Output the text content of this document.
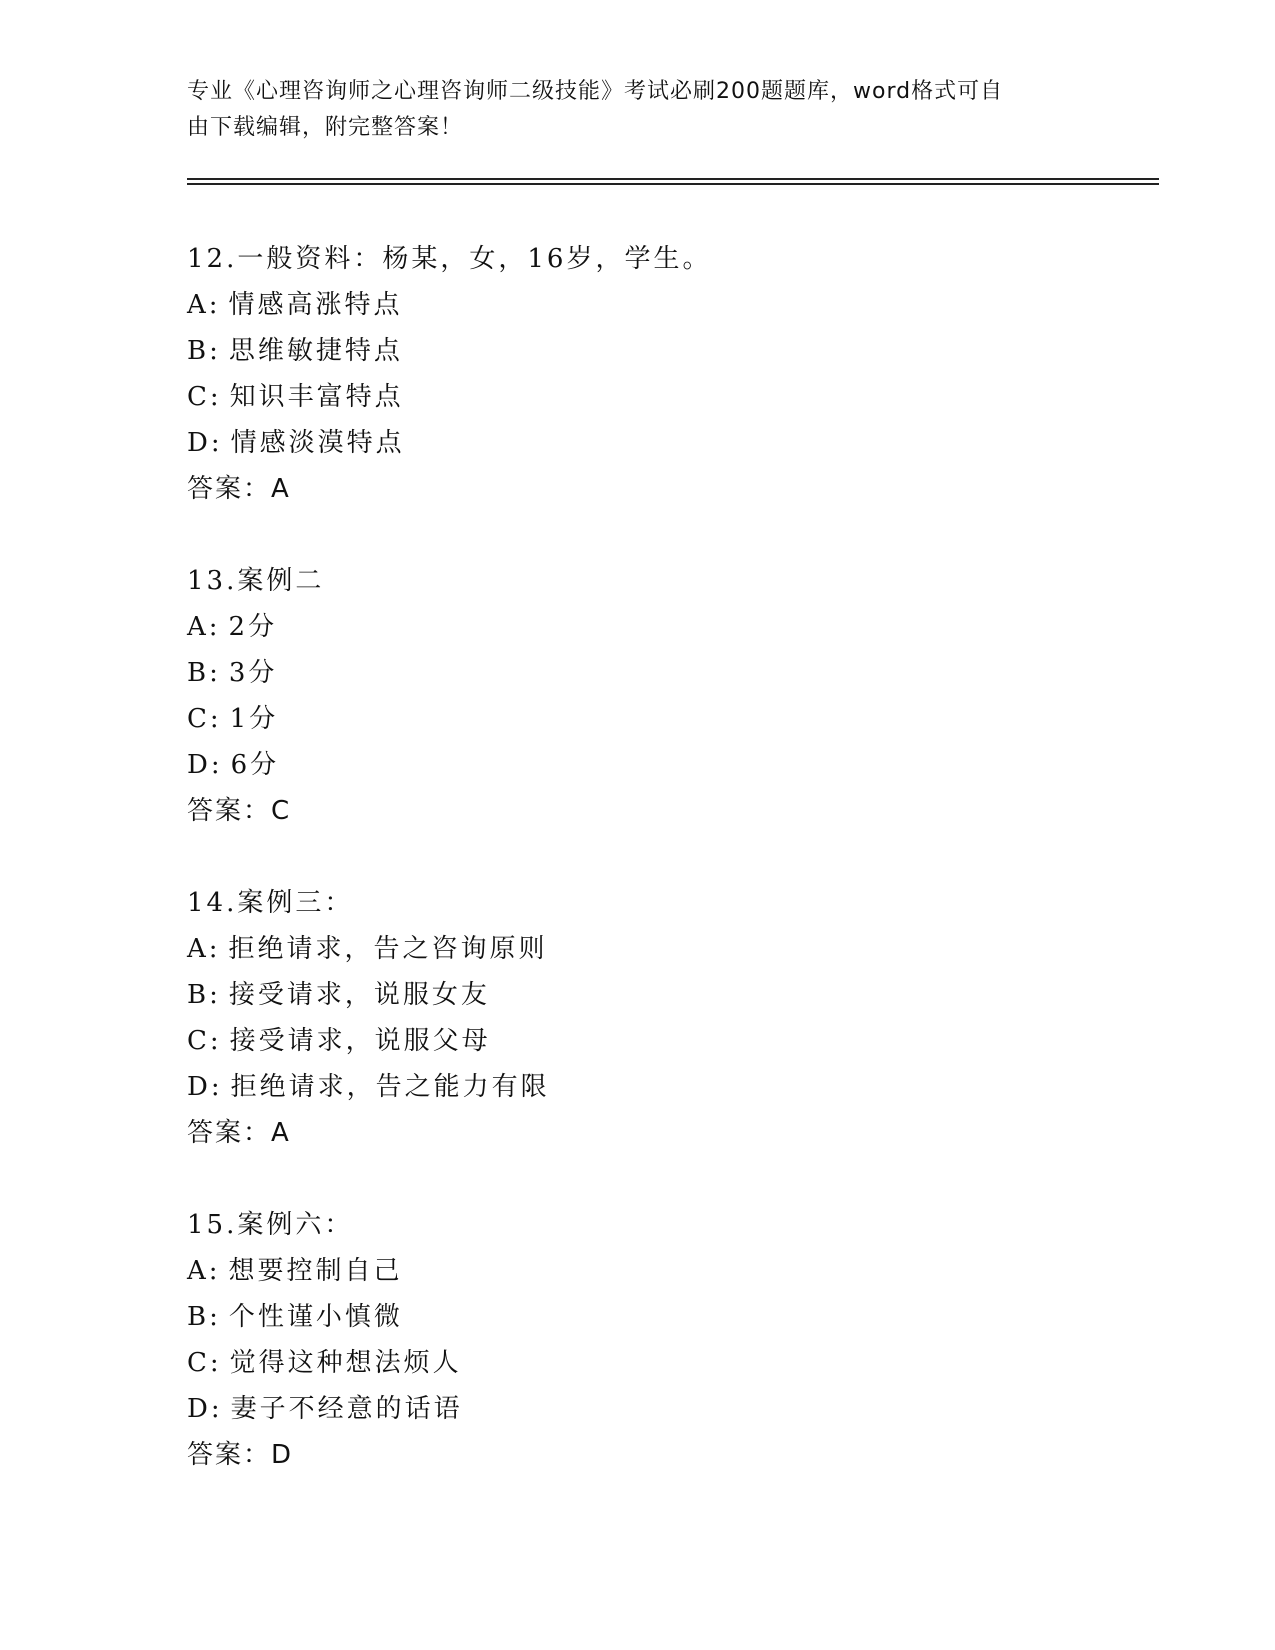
专业《心理咨询师之心理咨询师二级技能》考试必刷200题题库，word格式可自
由下载编辑，附完整答案！
12.一般资料：杨某，女，16岁，学生。
A: 情感高涨特点
B: 思维敏捷特点
C: 知识丰富特点
D: 情感淡漠特点
答案：A
13.案例二
A: 2分
B: 3分
C: 1分
D: 6分
答案：C
14.案例三：
A: 拒绝请求，告之咨询原则
B: 接受请求，说服女友
C: 接受请求，说服父母
D: 拒绝请求，告之能力有限
答案：A
15.案例六：
A: 想要控制自己
B: 个性谨小慎微
C: 觉得这种想法烦人
D: 妻子不经意的话语
答案：D
